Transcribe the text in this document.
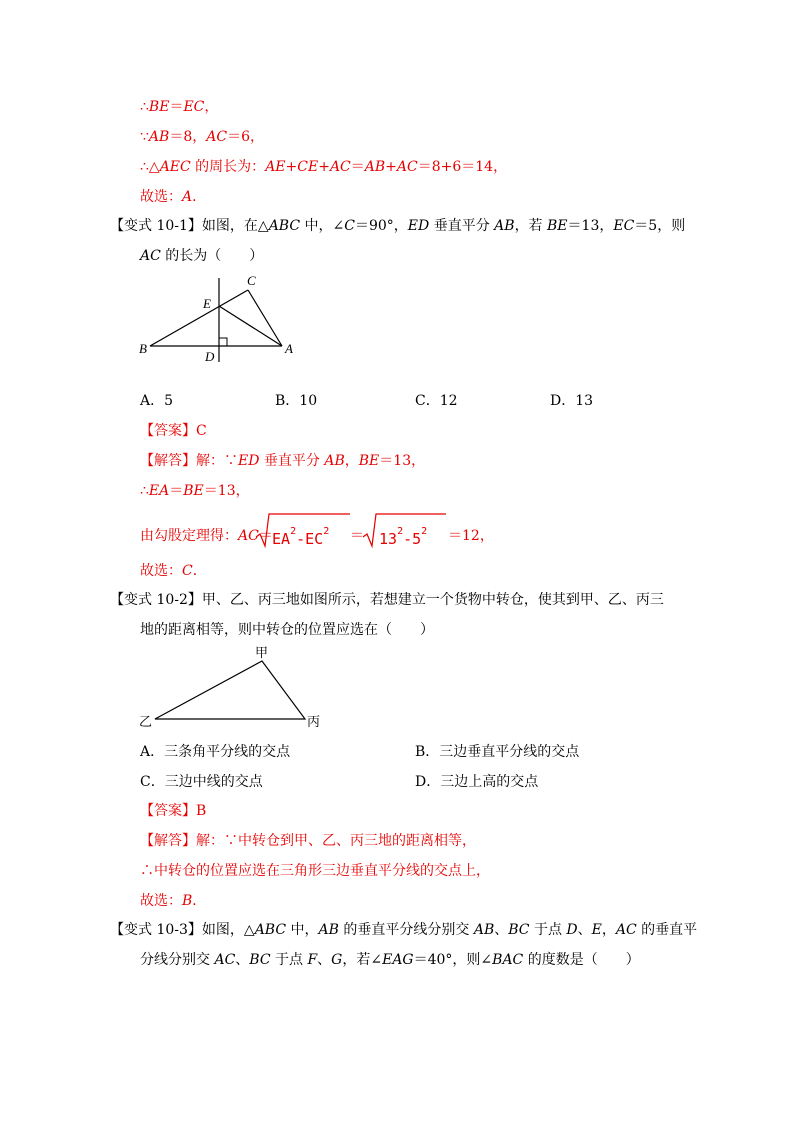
∴BE＝EC，
∵AB＝8，AC＝6，
∴△AEC 的周长为：AE+CE+AC＝AB+AC＝8+6＝14，
故选：A．
【变式 10-1】如图，在△ABC 中，∠C＝90°，ED 垂直平分 AB，若 BE＝13，EC＝5，则
AC 的长为（　　）
C
E
B
D
A
A．5	B．10	C．12	D．13
【答案】C
【解答】解：∵ED 垂直平分 AB，BE＝13，
∴EA＝BE＝13，
由勾股定理得：$AC= EA^2-EC^2 = 13^2-5^2 =12$，
故选：C．
【变式 10-2】甲、乙、丙三地如图所示，若想建立一个货物中转仓，使其到甲、乙、丙三
地的距离相等，则中转仓的位置应选在（　　）
甲
乙	丙
A．三条角平分线的交点	B．三边垂直平分线的交点
C．三边中线的交点	D．三边上高的交点
【答案】B
【解答】解：∵中转仓到甲、乙、丙三地的距离相等，
∴中转仓的位置应选在三角形三边垂直平分线的交点上，
故选：B．
【变式 10-3】如图，△ABC 中，AB 的垂直平分线分别交 AB、BC 于点 D、E，AC 的垂直平
分线分别交 AC、BC 于点 F、G，若∠EAG＝40°，则∠BAC 的度数是（　　）
